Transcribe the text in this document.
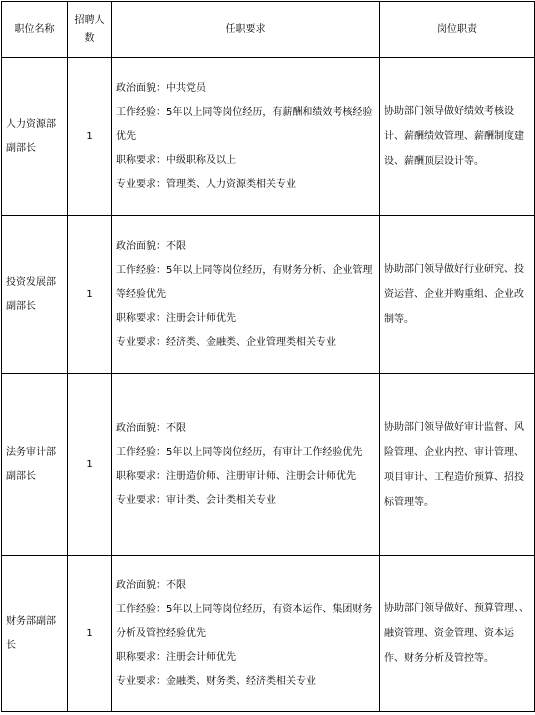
职位名称	招聘人数	任职要求	岗位职责
人力资源部副部长	1	政治面貌：中共党员
工作经验：5年以上同等岗位经历，有薪酬和绩效考核经验优先
职称要求：中级职称及以上
专业要求：管理类、人力资源类相关专业	协助部门领导做好绩效考核设计、薪酬绩效管理、薪酬制度建设、薪酬顶层设计等。
投资发展部副部长	1	政治面貌：不限
工作经验：5年以上同等岗位经历，有财务分析、企业管理等经验优先
职称要求：注册会计师优先
专业要求：经济类、金融类、企业管理类相关专业	协助部门领导做好行业研究、投资运营、企业并购重组、企业改制等。
法务审计部副部长	1	政治面貌：不限
工作经验：5年以上同等岗位经历，有审计工作经验优先
职称要求：注册造价师、注册审计师、注册会计师优先
专业要求：审计类、会计类相关专业	协助部门领导做好审计监督、风险管理、企业内控、审计管理、项目审计、工程造价预算、招投标管理等。
财务部副部长	1	政治面貌：不限
工作经验：5年以上同等岗位经历，有资本运作、集团财务分析及管控经验优先
职称要求：注册会计师优先
专业要求：金融类、财务类、经济类相关专业	协助部门领导做好、预算管理、、融资管理、资金管理、资本运作、财务分析及管控等。
